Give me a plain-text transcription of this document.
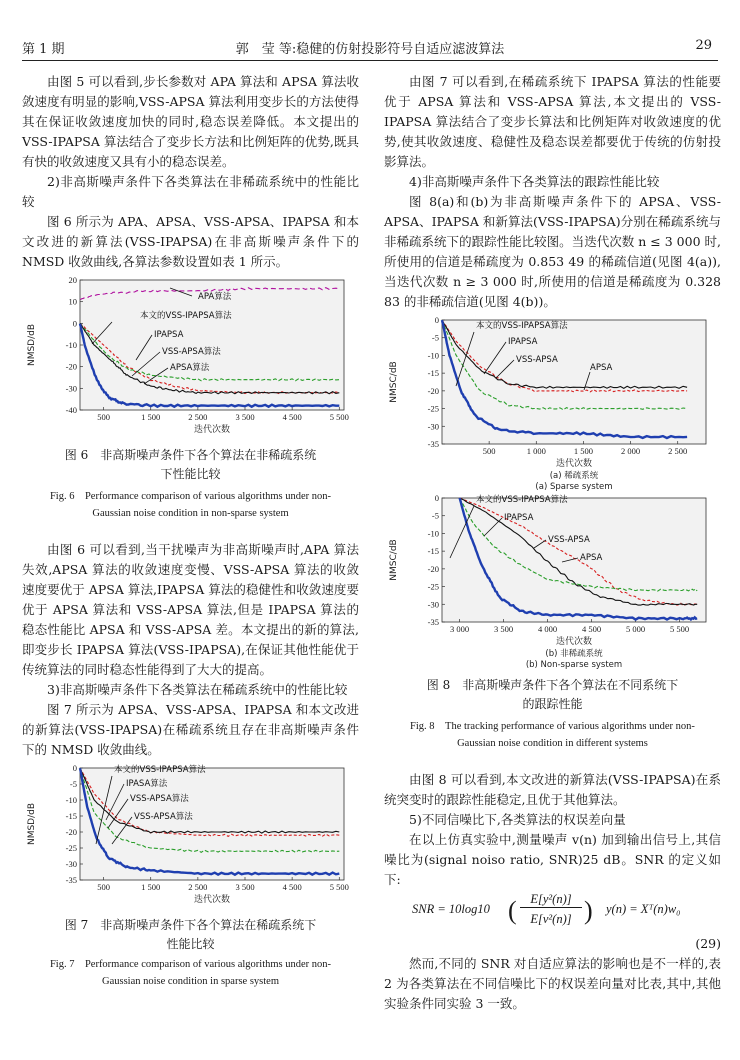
第 1 期	郭　莹 等:稳健的仿射投影符号自适应滤波算法	29

由图 5 可以看到,步长参数对 APA 算法和 APSA 算法收敛速度有明显的影响,VSS-APSA 算法利用变步长的方法使得其在保证收敛速度加快的同时,稳态误差降低。本文提出的 VSS-IPAPSA 算法结合了变步长方法和比例矩阵的优势,既具有快的收敛速度又具有小的稳态误差。

2)非高斯噪声条件下各类算法在非稀疏系统中的性能比较

图 6 所示为 APA、APSA、VSS-APSA、IPAPSA 和本文改进的新算法(VSS-IPAPSA)在非高斯噪声条件下的 NMSD 收敛曲线,各算法参数设置如表 1 所示。

20
10
0
-10
-20
-30
-40
500	1 500	2 500	3 500	4 500	5 500
迭代次数
NMSD/dB
APA算法
本文的VSS-IPAPSA算法
IPAPSA
VSS-APSA算法
APSA算法

图 6　非高斯噪声条件下各个算法在非稀疏系统下性能比较

Fig. 6　Performance comparison of various algorithms under non-Gaussian noise condition in non-sparse system

由图 6 可以看到,当干扰噪声为非高斯噪声时,APA 算法失效,APSA 算法的收敛速度变慢、VSS-APSA 算法的收敛速度要优于 APSA 算法,IPAPSA 算法的稳健性和收敛速度要优于 APSA 算法和 VSS-APSA 算法,但是 IPAPSA 算法的稳态性能比 APSA 和 VSS-APSA 差。本文提出的新的算法,即变步长 IPAPSA 算法(VSS-IPAPSA),在保证其他性能优于传统算法的同时稳态性能得到了大大的提高。

3)非高斯噪声条件下各类算法在稀疏系统中的性能比较

图 7 所示为 APSA、VSS-APSA、IPAPSA 和本文改进的新算法(VSS-IPAPSA)在稀疏系统且存在非高斯噪声条件下的 NMSD 收敛曲线。

0
-5
-10
-15
-20
-25
-30
-35
500	1 500	2 500	3 500	4 500	5 500
迭代次数
NMSD/dB
本文的VSS-IPAPSA算法
IPASA算法
VSS-APSA算法
VSS-APSA算法

图 7　非高斯噪声条件下各个算法在稀疏系统下性能比较

Fig. 7　Performance comparison of various algorithms under non-Gaussian noise condition in sparse system

由图 7 可以看到,在稀疏系统下 IPAPSA 算法的性能要优于 APSA 算法和 VSS-APSA 算法,本文提出的 VSS-IPAPSA 算法结合了变步长算法和比例矩阵对收敛速度的优势,使其收敛速度、稳健性及稳态误差都要优于传统的仿射投影算法。

4)非高斯噪声条件下各类算法的跟踪性能比较

图 8(a)和(b)为非高斯噪声条件下的 APSA、VSS-APSA、IPAPSA 和新算法(VSS-IPAPSA)分别在稀疏系统与非稀疏系统下的跟踪性能比较图。当迭代次数 n ≤ 3 000 时,所使用的信道是稀疏度为 0.853 49 的稀疏信道(见图 4(a)),当迭代次数 n ≥ 3 000 时,所使用的信道是稀疏度为 0.328 83 的非稀疏信道(见图 4(b))。

0
-5
-10
-15
-20
-25
-30
-35
500	1 000	1 500	2 000	2 500
迭代次数
NMSC/dB
本文的VSS-IPAPSA算法
IPAPSA
VSS-APSA
APSA
(a) 稀疏系统
(a) Sparse system
0
-5
-10
-15
-20
-25
-30
-35
3 000	3 500	4 000	4 500	5 000	5 500
迭代次数
NMSC/dB
本文的VSS-IPAPSA算法
IPAPSA
VSS-APSA
APSA
(b) 非稀疏系统
(b) Non-sparse system

图 8　非高斯噪声条件下各个算法在不同系统下的跟踪性能

Fig. 8　The tracking performance of various algorithms under non-Gaussian noise condition in different systems

由图 8 可以看到,本文改进的新算法(VSS-IPAPSA)在系统突变时的跟踪性能稳定,且优于其他算法。

5)不同信噪比下,各类算法的权误差向量

在以上仿真实验中,测量噪声 v(n) 加到输出信号上,其信噪比为(signal noiso ratio, SNR)25 dB。SNR 的定义如下:

SNR = 10log10 (	E[y²(n)]
E[v²(n)] ) y(n) = Xᵀ(n)w₀

(29)

然而,不同的 SNR 对自适应算法的影响也是不一样的,表 2 为各类算法在不同信噪比下的权误差向量对比表,其中,其他实验条件同实验 3 一致。
